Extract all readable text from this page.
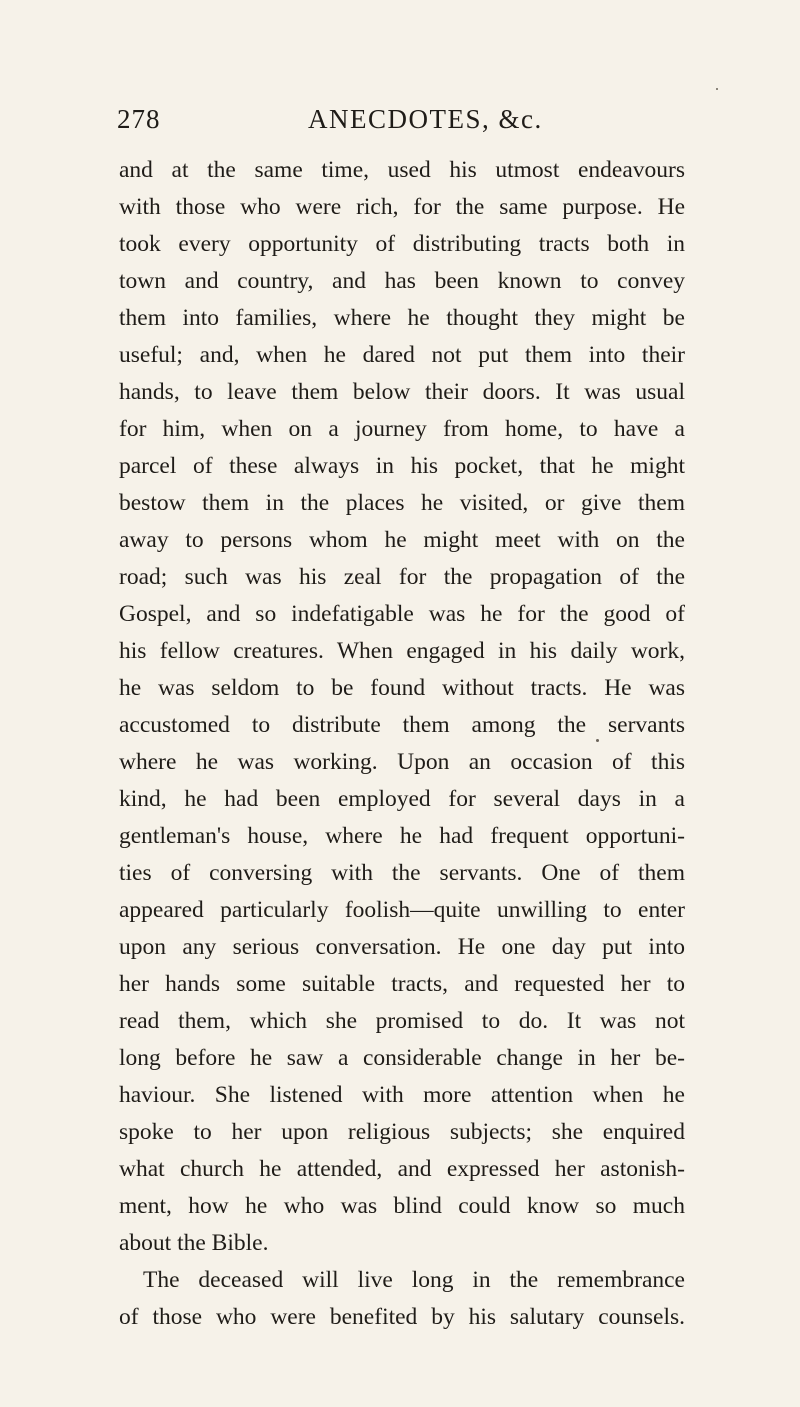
278	ANECDOTES, &c.
and at the same time, used his utmost endeavours
with those who were rich, for the same purpose. He
took every opportunity of distributing tracts both in
town and country, and has been known to convey
them into families, where he thought they might be
useful; and, when he dared not put them into their
hands, to leave them below their doors. It was usual
for him, when on a journey from home, to have a
parcel of these always in his pocket, that he might
bestow them in the places he visited, or give them
away to persons whom he might meet with on the
road; such was his zeal for the propagation of the
Gospel, and so indefatigable was he for the good of
his fellow creatures. When engaged in his daily work,
he was seldom to be found without tracts. He was
accustomed to distribute them among the servants
where he was working. Upon an occasion of this
kind, he had been employed for several days in a
gentleman's house, where he had frequent opportuni-
ties of conversing with the servants. One of them
appeared particularly foolish—quite unwilling to enter
upon any serious conversation. He one day put into
her hands some suitable tracts, and requested her to
read them, which she promised to do. It was not
long before he saw a considerable change in her be-
haviour. She listened with more attention when he
spoke to her upon religious subjects; she enquired
what church he attended, and expressed her astonish-
ment, how he who was blind could know so much
about the Bible.
The deceased will live long in the remembrance
of those who were benefited by his salutary counsels.
